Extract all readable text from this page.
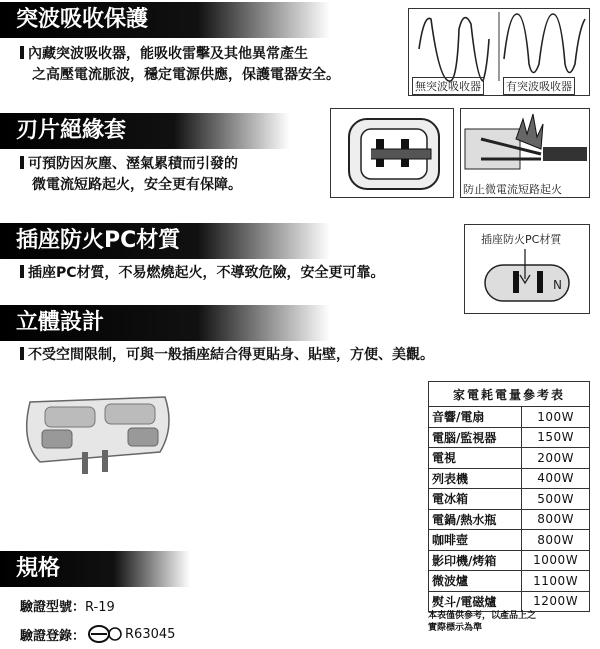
突波吸收保護
內藏突波吸收器，能吸收雷擊及其他異常產生
之高壓電流脈波，穩定電源供應，保護電器安全。
無突波吸收器 有突波吸收器
刃片絕緣套
可預防因灰塵、溼氣累積而引發的
微電流短路起火，安全更有保障。	防止微電流短路起火
插座防火PC材質
插座PC材質，不易燃燒起火，不導致危險，安全更可靠。
插座防火PC材質
N
立體設計
不受空間限制，可與一般插座結合得更貼身、貼壁，方便、美觀。
家電耗電量參考表	
音響/電扇	100W
電腦/監視器	150W
電視	200W
列表機	400W
電冰箱	500W
電鍋/熱水瓶	800W
咖啡壺	800W
影印機/烤箱	1000W
微波爐	1100W
熨斗/電磁爐	1200W
本表僅供參考，以產品上之
實際標示為準
規格
驗證型號：R-19
驗證登錄：	R63045
